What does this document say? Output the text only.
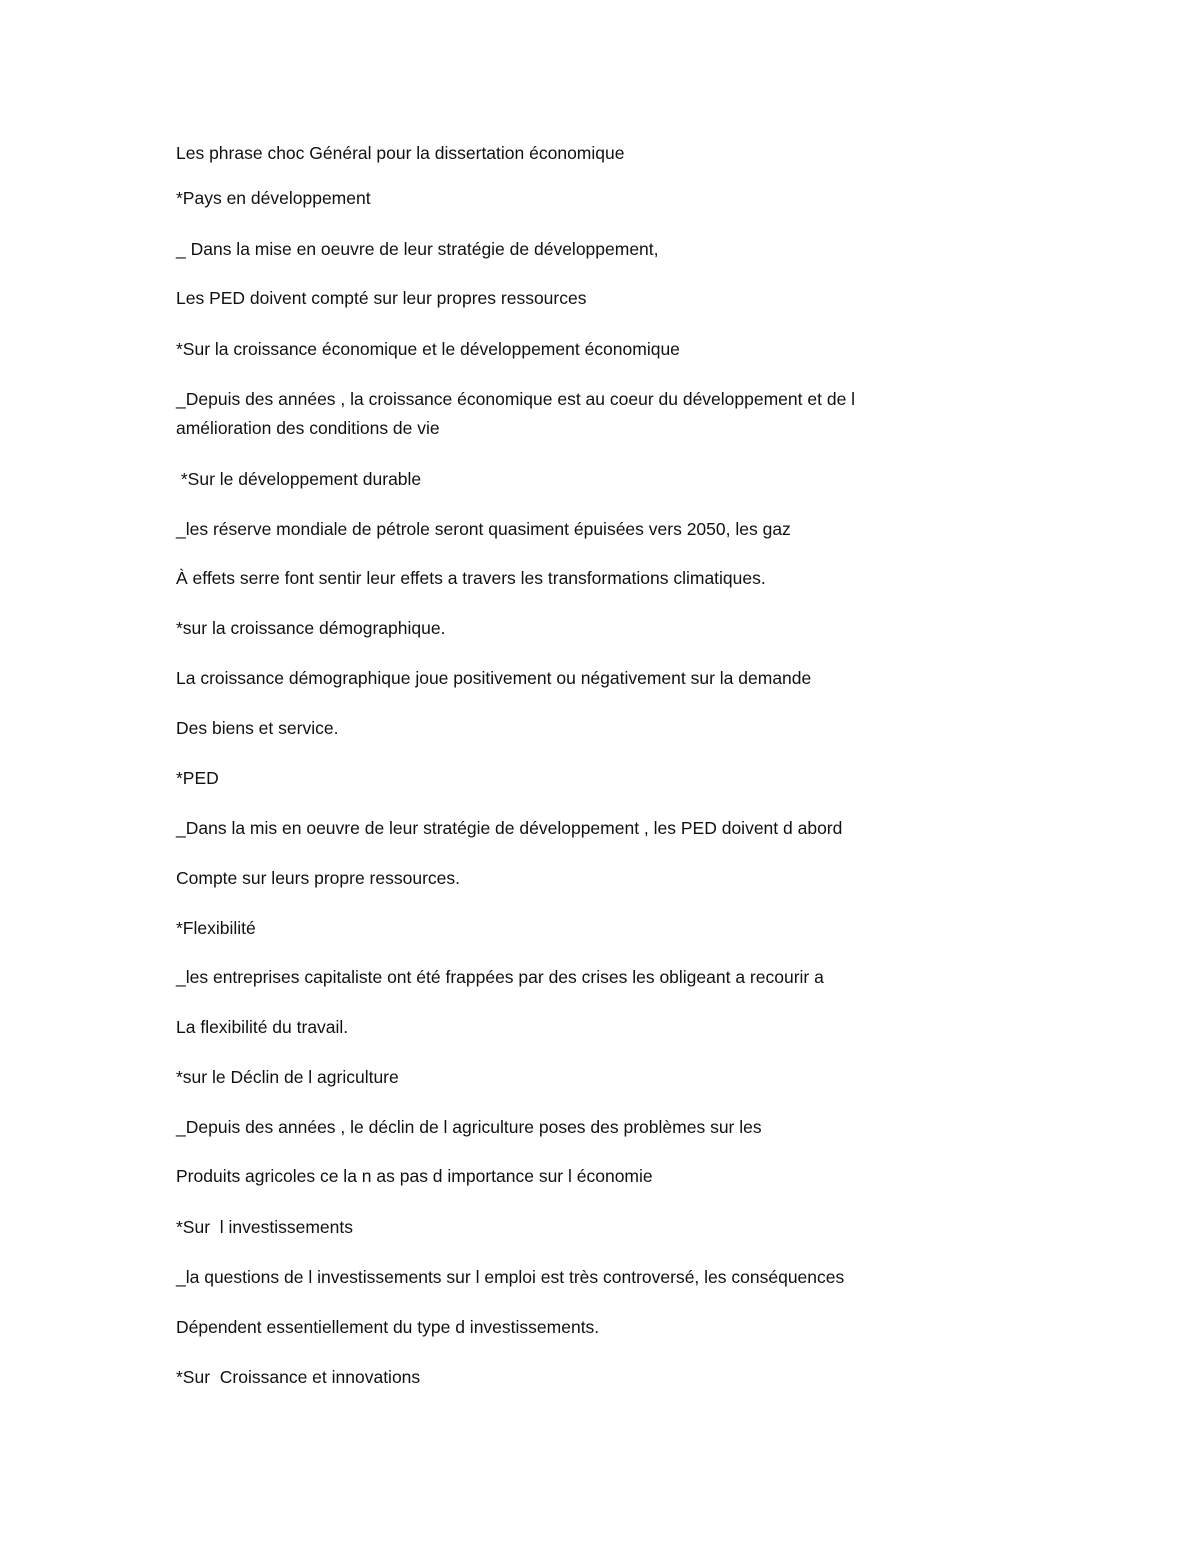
Les phrase choc Général pour la dissertation économique
*Pays en développement
_ Dans la mise en oeuvre de leur stratégie de développement,
Les PED doivent compté sur leur propres ressources
*Sur la croissance économique et le développement économique
_Depuis des années , la croissance économique est au coeur du développement et de l
amélioration des conditions de vie
*Sur le développement durable
_les réserve mondiale de pétrole seront quasiment épuisées vers 2050, les gaz
À effets serre font sentir leur effets a travers les transformations climatiques.
*sur la croissance démographique.
La croissance démographique joue positivement ou négativement sur la demande
Des biens et service.
*PED
_Dans la mis en oeuvre de leur stratégie de développement , les PED doivent d abord
Compte sur leurs propre ressources.
*Flexibilité
_les entreprises capitaliste ont été frappées par des crises les obligeant a recourir a
La flexibilité du travail.
*sur le Déclin de l agriculture
_Depuis des années , le déclin de l agriculture poses des problèmes sur les
Produits agricoles ce la n as pas d importance sur l économie
*Sur  l investissements
_la questions de l investissements sur l emploi est très controversé, les conséquences
Dépendent essentiellement du type d investissements.
*Sur  Croissance et innovations
